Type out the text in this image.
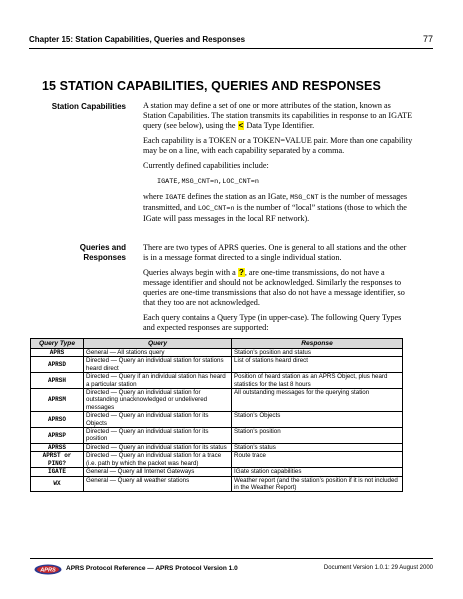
Chapter 15: Station Capabilities, Queries and Responses	77
15 STATION CAPABILITIES, QUERIES AND RESPONSES
Station Capabilities A station may define a set of one or more attributes of the station, known as Station Capabilities. The station transmits its capabilities in response to an IGATE query (see below), using the < Data Type Identifier.

Each capability is a TOKEN or a TOKEN=VALUE pair. More than one capability may be on a line, with each capability separated by a comma.

Currently defined capabilities include:

IGATE,MSG_CNT=n,LOC_CNT=n

where IGATE defines the station as an IGate, MSG_CNT is the number of messages transmitted, and LOC_CNT=n is the number of “local” stations (those to which the IGate will pass messages in the local RF network).

Queries and
Responses

There are two types of APRS queries. One is general to all stations and the other is in a message format directed to a single individual station.

Queries always begin with a ?, are one-time transmissions, do not have a message identifier and should not be acknowledged. Similarly the responses to queries are one-time transmissions that also do not have a message identifier, so that they too are not acknowledged.

Each query contains a Query Type (in upper-case). The following Query Types and expected responses are supported:

Query Type	Query	Response
APRS	General — All stations query	Station’s position and status
APRSD	Directed — Query an individual station for stations heard direct	List of stations heard direct
APRSH	Directed — Query if an individual station has heard a particular station	Position of heard station as an APRS Object, plus heard statistics for the last 8 hours
APRSM	Directed — Query an individual station for outstanding unacknowledged or undelivered messages	All outstanding messages for the querying station
APRSO	Directed — Query an individual station for its Objects	Station’s Objects
APRSP	Directed — Query an individual station for its position	Station’s position
APRSS	Directed — Query an individual station for its status	Station’s status

APRST or
PING?	Directed — Query an individual station for a trace (i.e. path by which the packet was heard)	Route trace
IGATE	General — Query all Internet Gateways	IGate station capabilities
WX	General — Query all weather stations	Weather report (and the station’s position if it is not included in the Weather Report)
APRS APRS Protocol Reference — APRS Protocol Version 1.0	Document Version 1.0.1: 29 August 2000
